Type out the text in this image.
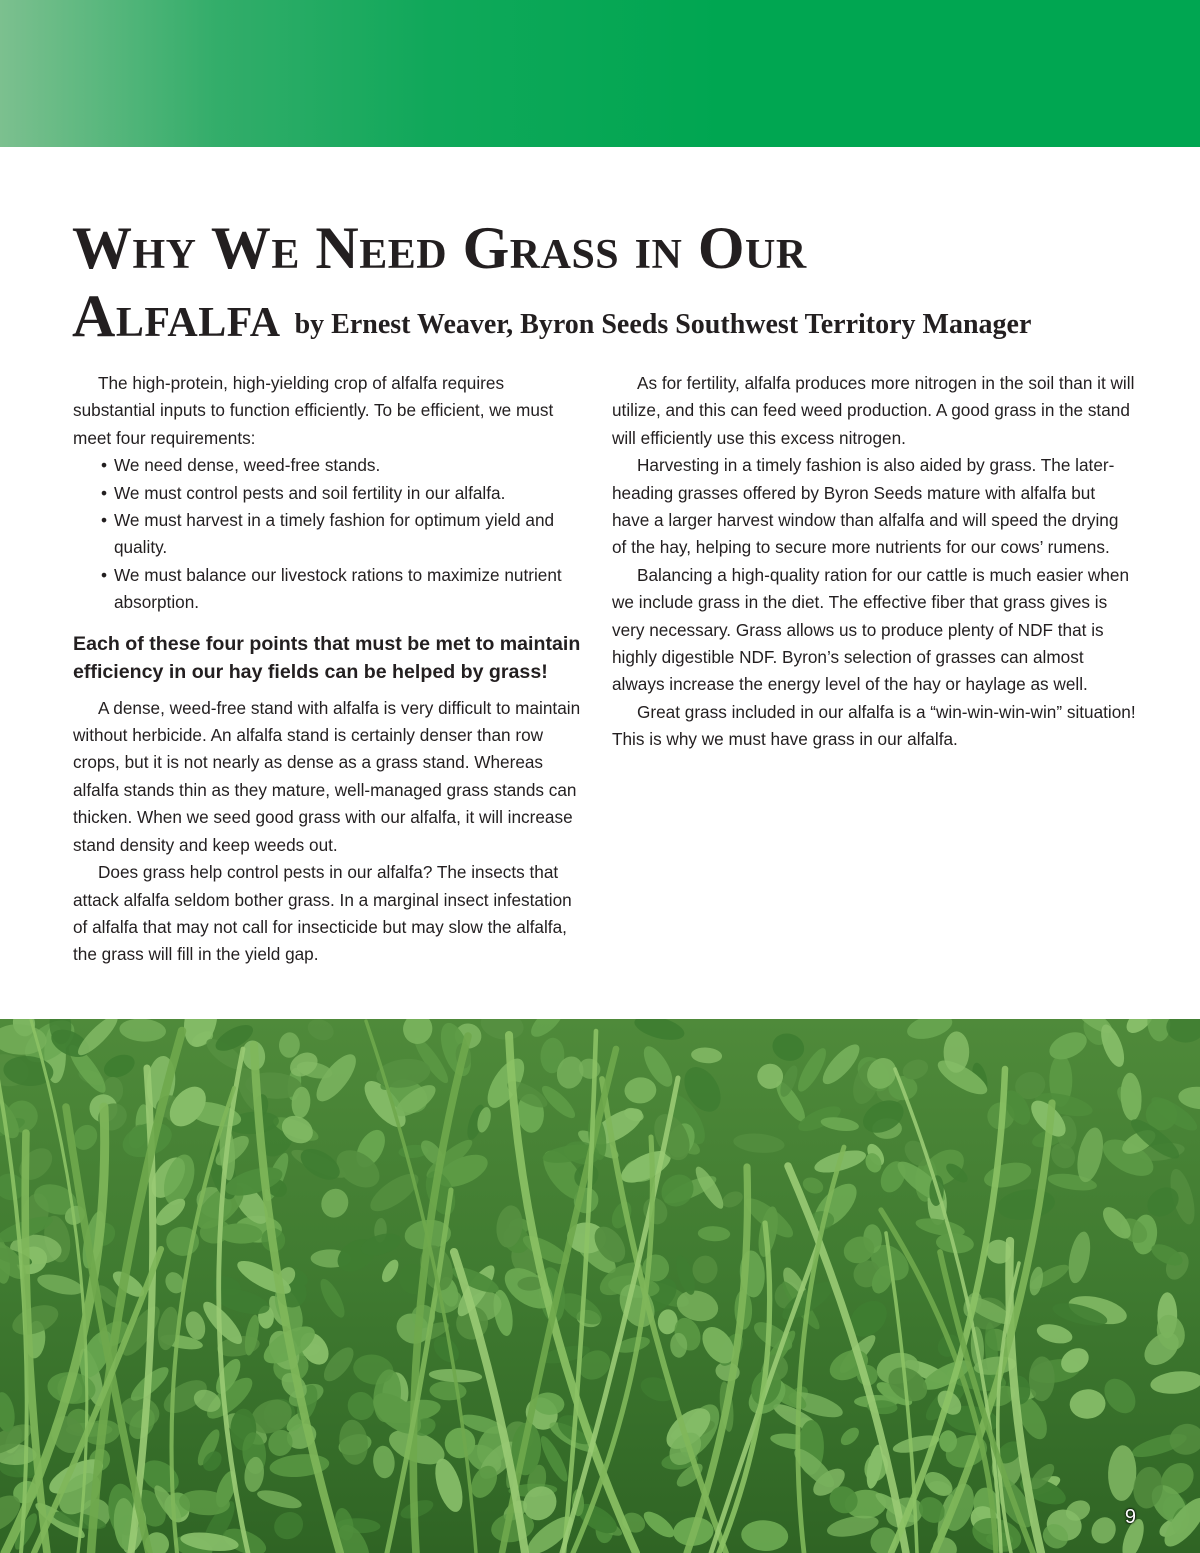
Why We Need Grass in Our
Alfalfa by Ernest Weaver, Byron Seeds Southwest Territory Manager

The high-protein, high-yielding crop of alfalfa requires substantial inputs to function efficiently. To be efficient, we must meet four requirements:

• We need dense, weed-free stands.
• We must control pests and soil fertility in our alfalfa.
• We must harvest in a timely fashion for optimum yield and quality.
• We must balance our livestock rations to maximize nutrient absorption.

Each of these four points that must be met to maintain efficiency in our hay fields can be helped by grass!

A dense, weed-free stand with alfalfa is very difficult to maintain without herbicide. An alfalfa stand is certainly denser than row crops, but it is not nearly as dense as a grass stand. Whereas alfalfa stands thin as they mature, well-managed grass stands can thicken. When we seed good grass with our alfalfa, it will increase stand density and keep weeds out.

Does grass help control pests in our alfalfa? The insects that attack alfalfa seldom bother grass. In a marginal insect infestation of alfalfa that may not call for insecticide but may slow the alfalfa, the grass will fill in the yield gap.

As for fertility, alfalfa produces more nitrogen in the soil than it will utilize, and this can feed weed production. A good grass in the stand will efficiently use this excess nitrogen.

Harvesting in a timely fashion is also aided by grass. The later-heading grasses offered by Byron Seeds mature with alfalfa but have a larger harvest window than alfalfa and will speed the drying of the hay, helping to secure more nutrients for our cows’ rumens.

Balancing a high-quality ration for our cattle is much easier when we include grass in the diet. The effective fiber that grass gives is very necessary. Grass allows us to produce plenty of NDF that is highly digestible NDF. Byron’s selection of grasses can almost always increase the energy level of the hay or haylage as well.

Great grass included in our alfalfa is a “win-win-win-win” situation! This is why we must have grass in our alfalfa.

9
